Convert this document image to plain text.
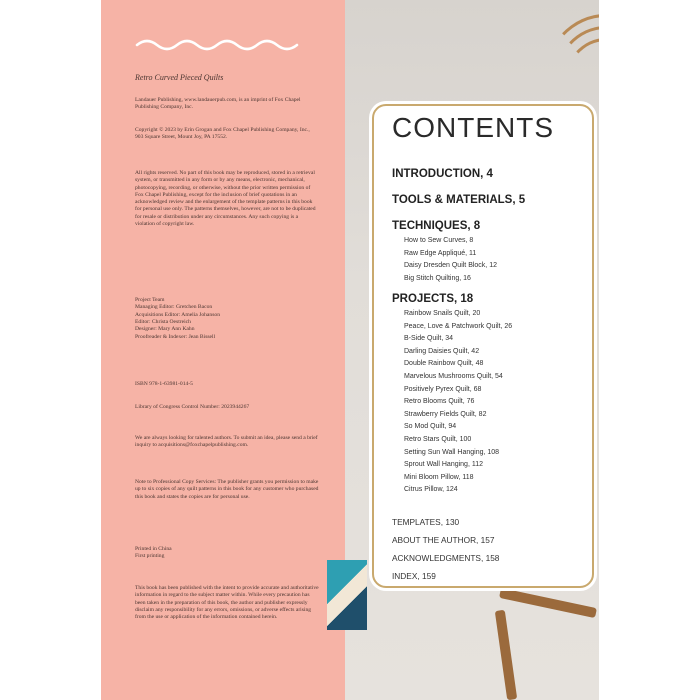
Retro Curved Pieced Quilts

Landauer Publishing, www.landauerpub.com, is an imprint of Fox Chapel Publishing Company, Inc.

Copyright © 2023 by Erin Grogan and Fox Chapel Publishing Company, Inc., 903 Square Street, Mount Joy, PA 17552.

All rights reserved. No part of this book may be reproduced, stored in a retrieval system, or transmitted in any form or by any means, electronic, mechanical, photocopying, recording, or otherwise, without the prior written permission of Fox Chapel Publishing, except for the inclusion of brief quotations in an acknowledged review and the enlargement of the template patterns in this book for personal use only. The patterns themselves, however, are not to be duplicated for resale or distribution under any circumstances. Any such copying is a violation of copyright law.

Project Team

Managing Editor: Gretchen Bacon

Acquisitions Editor: Amelia Johanson

Editor: Christa Oestreich

Designer: Mary Ann Kahn

Proofreader & Indexer: Jean Bissell

ISBN 978-1-63981-014-5

Library of Congress Control Number: 2023944267

We are always looking for talented authors. To submit an idea, please send a brief inquiry to acquisitions@foxchapelpublishing.com.

Note to Professional Copy Services: The publisher grants you permission to make up to six copies of any quilt patterns in this book for any customer who purchased this book and states the copies are for personal use.

Printed in China

First printing

This book has been published with the intent to provide accurate and authoritative information in regard to the subject matter within. While every precaution has been taken in the preparation of this book, the author and publisher expressly disclaim any responsibility for any errors, omissions, or adverse effects arising from the use or application of the information contained herein.

CONTENTS
INTRODUCTION, 4
TOOLS & MATERIALS, 5
TECHNIQUES, 8
How to Sew Curves, 8
Raw Edge Appliqué, 11
Daisy Dresden Quilt Block, 12
Big Stitch Quilting, 16
PROJECTS, 18
Rainbow Snails Quilt, 20
Peace, Love & Patchwork Quilt, 26
B-Side Quilt, 34
Darling Daisies Quilt, 42
Double Rainbow Quilt, 48
Marvelous Mushrooms Quilt, 54
Positively Pyrex Quilt, 68
Retro Blooms Quilt, 76
Strawberry Fields Quilt, 82
So Mod Quilt, 94
Retro Stars Quilt, 100
Setting Sun Wall Hanging, 108
Sprout Wall Hanging, 112
Mini Bloom Pillow, 118
Citrus Pillow, 124
TEMPLATES, 130
ABOUT THE AUTHOR, 157
ACKNOWLEDGMENTS, 158
INDEX, 159
